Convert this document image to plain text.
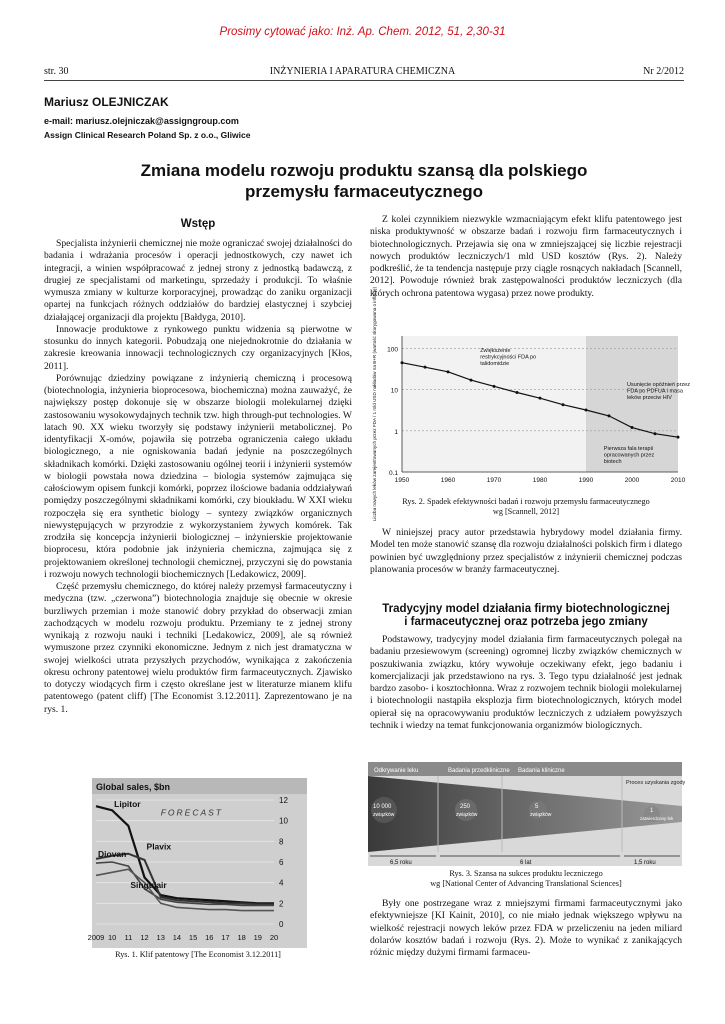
Prosimy cytować jako: Inż. Ap. Chem. 2012, 51, 2,30-31
str. 30	INŻYNIERIA I APARATURA CHEMICZNA	Nr 2/2012
Mariusz OLEJNICZAK
e-mail: mariusz.olejniczak@assigngroup.com
Assign Clinical Research Poland Sp. z o.o., Gliwice
Zmiana modelu rozwoju produktu szansą dla polskiego
przemysłu farmaceutycznego
Wstęp

Specjalista inżynierii chemicznej nie może ograniczać swojej działalności do badania i wdrażania procesów i operacji jednostkowych, czy nawet ich integracji, a winien współpracować z jednej strony z jednostką badawczą, z drugiej ze specjalistami od marketingu, sprzedaży i produkcji. To właśnie wymusza zmiany w kulturze korporacyjnej, prowadząc do zaniku organizacji opartej na funkcjach różnych oddziałów do bardziej elastycznej i szybciej działającej organizacji dla projektu [Bałdyga, 2010].

Innowacje produktowe z rynkowego punktu widzenia są pierwotne w stosunku do innych kategorii. Pobudzają one niejednokrotnie do działania w zakresie kreowania innowacji technologicznych czy organizacyjnych [Kłos, 2011].

Porównując dziedziny powiązane z inżynierią chemiczną i procesową (biotechnologia, inżynieria bioprocesowa, biochemiczna) można zauważyć, że największy postęp dokonuje się w obszarze biologii molekularnej dzięki zastosowaniu wysokowydajnych technik tzw. high through-put technologies. W latach 90. XX wieku tworzyły się podstawy inżynierii metabolicznej. Po identyfikacji X-omów, pojawiła się potrzeba ograniczenia całego układu biologicznego, a nie ogniskowania badań jedynie na poszczególnych składnikach komórki. Dzięki zastosowaniu ogólnej teorii i inżynierii systemów w biologii powstała nowa dziedzina – biologia systemów zajmująca się całościowym opisem funkcji komórki, poprzez ilościowe badania oddziaływań pomiędzy poszczególnymi składnikami komórki, czy bioukładu. W XXI wieku rozpoczęła się era synthetic biology – syntezy związków organicznych niewystępujących w przyrodzie z wykorzystaniem żywych komórek. Tak zrodziła się koncepcja inżynierii biologicznej – inżynierskie projektowanie bioprocesu, która podobnie jak inżynieria chemiczna, zajmująca się z projektowaniem określonej technologii chemicznej, przyczyni się do powstania i rozwoju nowych technologii biochemicznych [Ledakowicz, 2009].

Część przemysłu chemicznego, do której należy przemysł farmaceutyczny i medyczna (tzw. „czerwona”) biotechnologia znajduje się obecnie w okresie burzliwych przemian i może stanowić dobry przykład do obserwacji zmian zachodzących w modelu rozwoju produktu. Przemiany te z jednej strony wynikają z rozwoju nauki i techniki [Ledakowicz, 2009], ale są również wymuszone przez czynniki ekonomiczne. Jednym z nich jest dramatyczna w swojej wielkości utrata przyszłych przychodów, wynikająca z zakończenia okresu ochrony patentowej wielu produktów firm farmaceutycznych. Zjawisko to dotyczy wiodących firm i często określane jest w literaturze mianem klifu patentowego (patent cliff) [The Economist 3.12.2011]. Zaprezentowano je na rys. 1.

Global sales, $bn
0
2
4
6
8
10
12
2009 10 11 12 13 14 15 16 17 18 19 20
FORECAST
Lipitor
Plavix
Diovan
Singulair
Rys. 1. Klif patentowy [The Economist 3.12.2011]

Z kolei czynnikiem niezwykle wzmacniającym efekt klifu patentowego jest niska produktywność w obszarze badań i rozwoju firm farmaceutycznych i biotechnologicznych. Przejawia się ona w zmniejszającej się liczbie rejestracji nowych produktów leczniczych/1 mld USD kosztów (Rys. 2). Należy podkreślić, że ta tendencja następuje przy ciągle rosnących nakładach [Scannell, 2012]. Powoduje również brak zastępowalności produktów leczniczych (dla których ochrona patentowa wygasa) przez nowe produkty.

0.1
1
10
100
1950	1960	1970	1980	1990	2000	2010
Liczba nowych leków zarejestrowanych przez FDA / 1 mld USD nakładów na B+R (wartość skorygowana o inflację)	Zwiększenie restrykcyjności FDA po talidomidzie
Usunięcie opóźnień przez FDA po PDFUA i masa leków przeciw HIV
Pierwsza fala terapii opracowanych przez biotech
Rys. 2. Spadek efektywności badań i rozwoju przemysłu farmaceutycznego
wg [Scannell, 2012]

W niniejszej pracy autor przedstawia hybrydowy model działania firmy. Model ten może stanowić szansę dla rozwoju działalności polskich firm i dlatego powinien być uwzględniony przez specjalistów z inżynierii chemicznej podczas planowania procesów w branży farmaceutycznej.

Tradycyjny model działania firmy biotechnologicznej
i farmaceutycznej oraz potrzeba jego zmiany

Podstawowy, tradycyjny model działania firm farmaceutycznych polegał na badaniu przesiewowym (screening) ogromnej liczby związków chemicznych w poszukiwania związku, który wywołuje oczekiwany efekt, jego badaniu i komercjalizacji jak przedstawiono na rys. 3. Tego typu działalność jest jednak bardzo zasobo- i kosztochłonna. Wraz z rozwojem technik biologii molekularnej i biotechnologii nastąpiła eksplozja firm biotechnologicznych, których model opierał się na opracowywaniu produktów leczniczych z udziałem powyższych technik i wiedzy na temat funkcjonowania organizmów biologicznych.

Odkrywanie leku	Badania przedkliniczne Badania kliniczne
Proces uzyskania zgody
10 000
związków
250
związków
5
związków
1
zatwierdzony lek
6,5 roku	6 lat	1,5 roku
Rys. 3. Szansa na sukces produktu leczniczego
wg [National Center of Advancing Translational Sciences]

Były one postrzegane wraz z mniejszymi firmami farmaceutycznymi jako efektywniejsze [KI Kainit, 2010], co nie miało jednak większego wpływu na wielkość rejestracji nowych leków przez FDA w przeliczeniu na jeden miliard dolarów kosztów badań i rozwoju (Rys. 2). Może to wynikać z zanikających różnic między dużymi firmami farmaceu-
